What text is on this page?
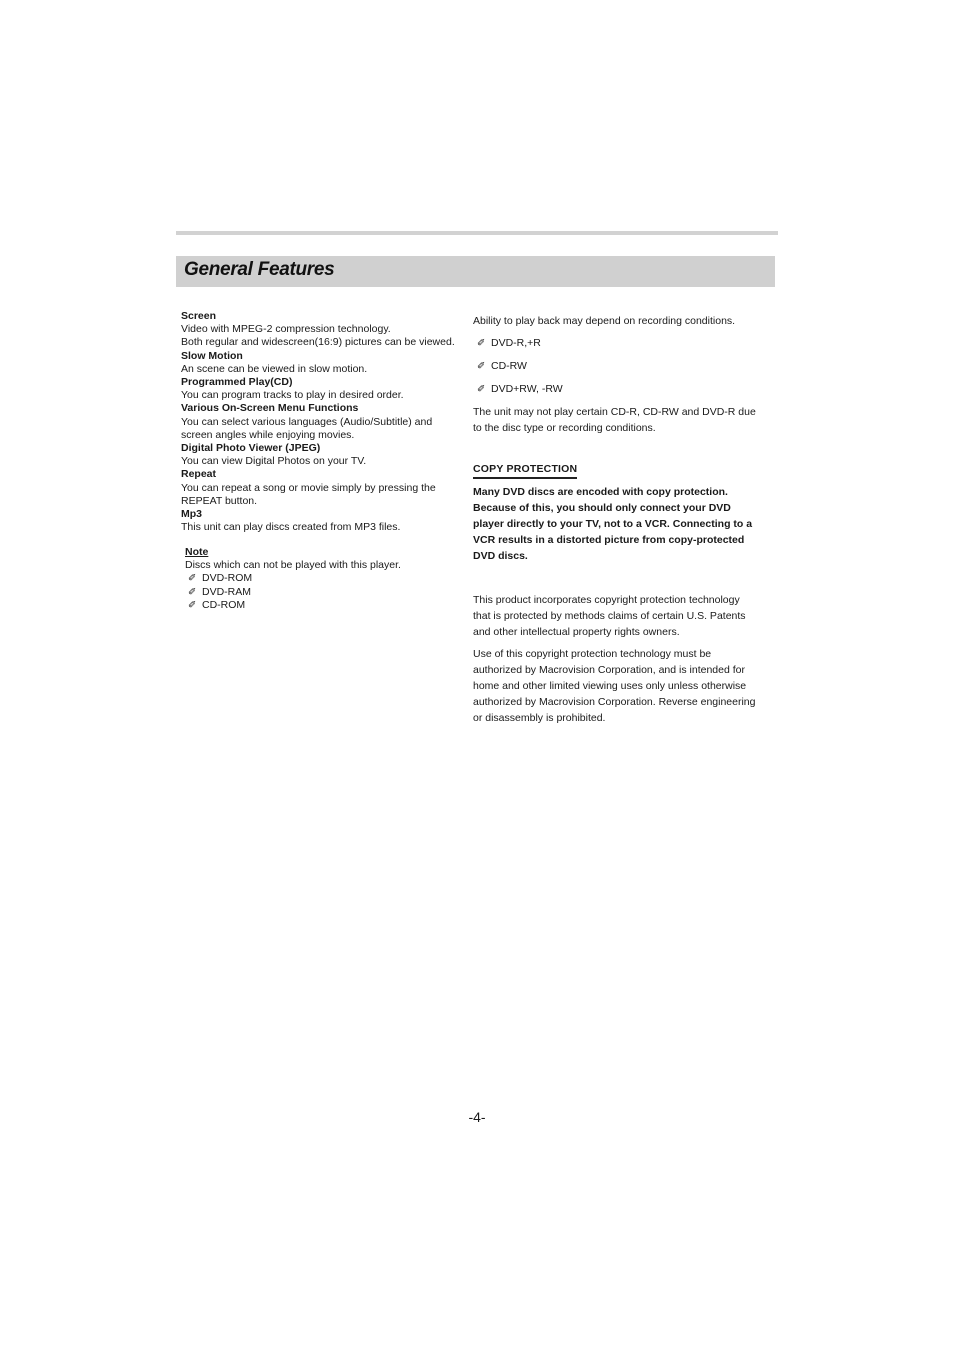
General Features
Screen
Video with MPEG-2 compression technology.
Both regular and widescreen(16:9) pictures can be viewed.
Slow Motion
An scene can be viewed in slow motion.
Programmed Play(CD)
You can program tracks to play in desired order.
Various On-Screen Menu Functions
You can select various languages (Audio/Subtitle) and
screen angles while enjoying movies.
Digital Photo Viewer (JPEG)
You can view Digital Photos on your TV.
Repeat
You can repeat a song or movie simply by pressing the
REPEAT button.
Mp3
This unit can play discs created from MP3 files.
Note
Discs which can not be played with this player.
✐ DVD-ROM
✐ DVD-RAM
✐ CD-ROM
Ability to play back may depend on recording conditions.
✐ DVD-R,+R
✐ CD-RW
✐ DVD+RW, -RW
The unit may not play certain CD-R, CD-RW and DVD-R due
to the disc type or recording conditions.
COPY PROTECTION
Many DVD discs are encoded with copy protection.
Because of this, you should only connect your DVD
player directly to your TV, not to a VCR. Connecting to a
VCR results in a distorted picture from copy-protected
DVD discs.
This product incorporates copyright protection technology
that is protected by methods claims of certain U.S. Patents
and other intellectual property rights owners.
Use of this copyright protection technology must be
authorized by Macrovision Corporation, and is intended for
home and other limited viewing uses only unless otherwise
authorized by Macrovision Corporation. Reverse engineering
or disassembly is prohibited.
-4-
